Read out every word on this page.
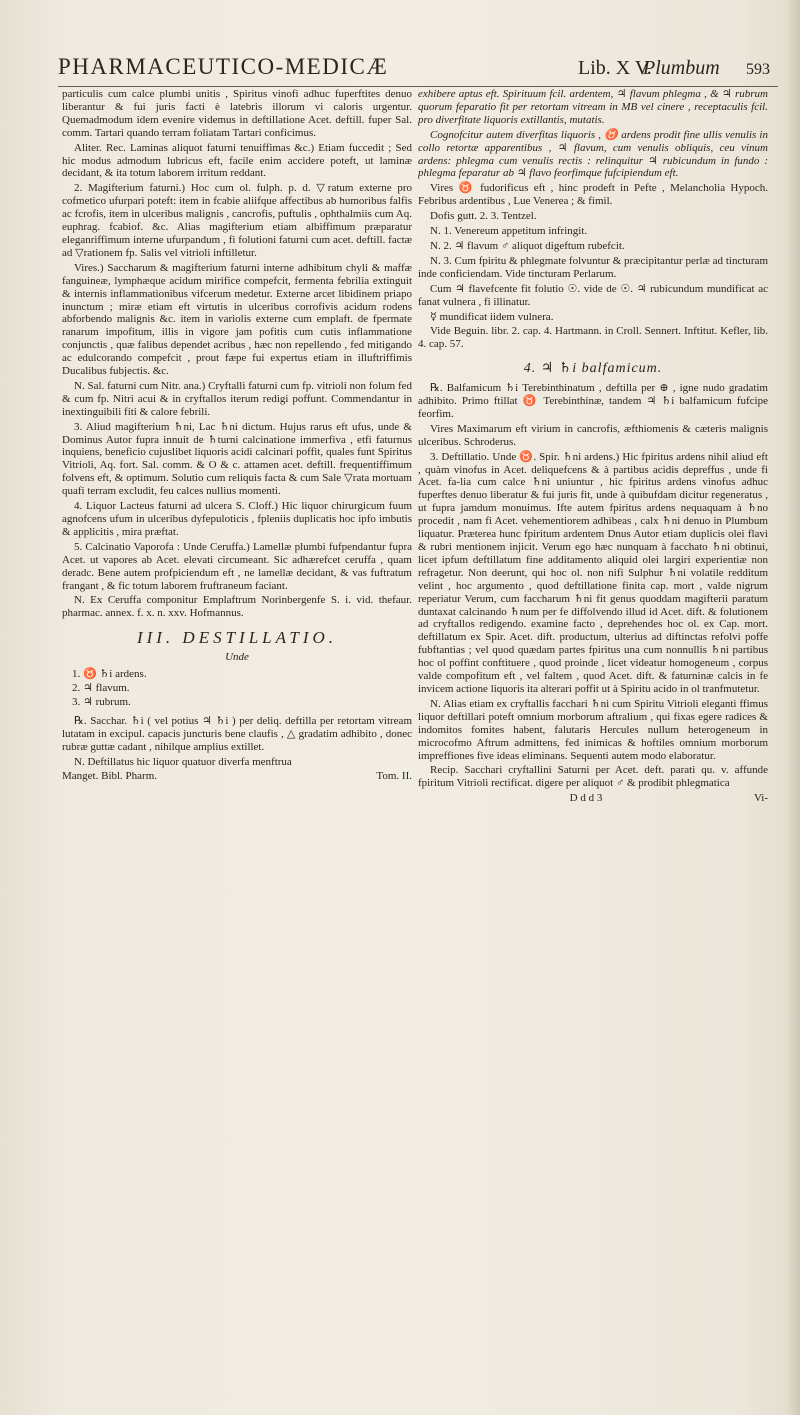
PHARMACEUTICO-MEDICÆ	Lib. X V.
Plumbum 593

particulis cum calce plumbi unitis , Spiritus vinofi adhuc fuperftites denuo liberantur & fui juris facti è latebris illorum vi caloris urgentur. Quemadmodum idem evenire videmus in deftillatione Acet. deftill. fuper Sal. comm. Tartari quando terram foliatam Tartari conficimus.

Aliter. Rec. Laminas aliquot faturni tenuiffimas &c.) Etiam fuccedit ; Sed hic modus admodum lubricus eft, facile enim accidere poteft, ut laminæ decidant, & ita totum laborem irritum reddant.

2. Magifterium faturni.) Hoc cum ol. fulph. p. d. ▽ratum externe pro cofmetico ufurpari poteft: item in fcabie aliifque affectibus ab humoribus falfis ac fcrofis, item in ulceribus malignis , cancrofis, puftulis , ophthalmiis cum Aq. euphrag. fcabiof. &c. Alias magifterium etiam albiffimum præparatur eleganriffimum interne ufurpandum , fi folutioni faturni cum acet. deftill. factæ ad ▽rationem fp. Salis vel vitrioli inftilletur.

Vires.) Saccharum & magifterium faturni interne adhibitum chyli & maffæ fanguineæ, lymphæque acidum mirifice compefcit, fermenta febrilia extinguit & internis inflammationibus vifcerum medetur. Externe arcet libidinem priapo inunctum ; miræ etiam eft virtutis in ulceribus corrofivis acidum rodens abforbendo malignis &c. item in variolis externe cum emplaft. de fpermate ranarum impofitum, illis in vigore jam pofitis cum cutis inflammatione conjunctis , quæ falibus dependet acribus , hæc non repellendo , fed mitigando ac edulcorando compefcit , prout fæpe fui expertus etiam in illuftriffimis Ducalibus fubjectis. &c.

N. Sal. faturni cum Nitr. ana.) Cryftalli faturni cum fp. vitrioli non folum fed & cum fp. Nitri acui & in cryftallos iterum redigi poffunt. Commendantur in inextinguibili fiti & calore febrili.

3. Aliud magifterium ♄ni, Lac ♄ni dictum. Hujus rarus eft ufus, unde & Dominus Autor fupra innuit de ♄turni calcinatione immerfiva , etfi faturnus inquiens, beneficio cujuslibet liquoris acidi calcinari poffit, quales funt Spiritus Vitrioli, Aq. fort. Sal. comm. & O & c. attamen acet. deftill. frequentiffimum folvens eft, & optimum. Solutio cum reliquis facta & cum Sale ▽rata mortuam quafi terram excludit, feu calces nullius momenti.

4. Liquor Lacteus faturni ad ulcera S. Cloff.) Hic liquor chirurgicum fuum agnofcens ufum in ulceribus dyfepuloticis , fpleniis duplicatis hoc ipfo imbutis & applicitis , mira præftat.

5. Calcinatio Vaporofa : Unde Ceruffa.) Lamellæ plumbi fufpendantur fupra Acet. ut vapores ab Acet. elevati circumeant. Sic adhærefcet ceruffa , quam deradc. Bene autem profpiciendum eft , ne lamellæ decidant, & vas fuftratum frangant , & fic totum laborem fruftraneum faciant.

N. Ex Ceruffa componitur Emplaftrum Norinbergenfe S. i. vid. thefaur. pharmac. annex. f. x. n. xxv. Hofmannus.

III. DESTILLATIO.

Unde

1. ♉ ♄i ardens.
2. ♃ flavum.
3. ♃ rubrum.

℞. Sacchar. ♄i ( vel potius ♃ ♄i ) per deliq. deftilla per retortam vitream lutatam in excipul. capacis juncturis bene claufis , △ gradatim adhibito , donec rubræ guttæ cadant , nihilque amplius extillet.

N. Deftillatus hic liquor quatuor diverfa menftrua

Manget. Bibl. Pharm.	Tom. II.

exhibere aptus eft. Spirituum fcil. ardentem, ♃ flavum phlegma , & ♃ rubrum quorum feparatio fit per retortam vitream in MB vel cinere , receptaculis fcil. pro diverfitate liquoris extillantis, mutatis.

Cognofcitur autem diverfitas liquoris , ♉ ardens prodit fine ullis venulis in collo retortæ apparentibus , ♃ flavum, cum venulis obliquis, ceu vinum ardens: phlegma cum venulis rectis : relinquitur ♃ rubicundum in fundo : phlegma feparatur ab ♃ flavo feorfimque fufcipiendum eft.

Vires ♉ fudorificus eft , hinc prodeft in Pefte , Melancholia Hypoch. Febribus ardentibus , Lue Venerea ; & fimil.

Dofis gutt. 2. 3. Tentzel.

N. 1. Venereum appetitum infringit.

N. 2. ♃ flavum ♂ aliquot digeftum rubefcit.

N. 3. Cum fpiritu & phlegmate folvuntur & præcipitantur perlæ ad tincturam inde conficiendam. Vide tincturam Perlarum.

Cum ♃ flavefcente fit folutio ☉. vide de ☉. ♃ rubicundum mundificat ac fanat vulnera , fi illinatur.

☿ mundificat iidem vulnera.

Vide Beguin. libr. 2. cap. 4. Hartmann. in Croll. Sennert. Inftitut. Kefler, lib. 4. cap. 57.

4. ♃ ♄i balfamicum.

℞. Balfamicum ♄i Terebinthinatum , deftilla per ⊕ , igne nudo gradatim adhibito. Primo ftillat ♉ Terebinthinæ, tandem ♃ ♄i balfamicum fufcipe feorfim.

Vires Maximarum eft virium in cancrofis, æfthiomenis & cæteris malignis ulceribus. Schroderus.

3. Deftillatio. Unde ♉. Spir. ♄ni ardens.) Hic fpiritus ardens nihil aliud eft , quàm vinofus in Acet. deliquefcens & à partibus acidis depreffus , unde fi Acet. fa-lia cum calce ♄ni uniuntur , hic fpiritus ardens vinofus adhuc fuperftes denuo liberatur & fui juris fit, unde à quibufdam dicitur regeneratus , ut fupra jamdum monuimus. Ifte autem fpiritus ardens nequaquam à ♄no procedit , nam fi Acet. vehementiorem adhibeas , calx ♄ni denuo in Plumbum liquatur. Præterea hunc fpiritum ardentem Dnus Autor etiam duplicis olei flavi & rubri mentionem injicit. Verum ego hæc nunquam à facchato ♄ni obtinui, licet ipfum deftillatum fine additamento aliquid olei largiri experientiæ non refragetur. Non deerunt, qui hoc ol. non nifi Sulphur ♄ni volatile redditum velint , hoc argumento , quod deftillatione finita cap. mort , valde nigrum reperiatur Verum, cum faccharum ♄ni fit genus quoddam magifterii paratum duntaxat calcinando ♄num per fe diffolvendo illud id Acet. dift. & folutionem ad cryftallos redigendo. examine facto , deprehendes hoc ol. ex Cap. mort. deftillatum ex Spir. Acet. dift. productum, ulterius ad diftinctas refolvi poffe fubftantias ; vel quod quædam partes fpiritus una cum nonnullis ♄ni partibus hoc ol poffint conftituere , quod proinde , licet videatur homogeneum , corpus valde compofitum eft , vel faltem , quod Acet. dift. & faturninæ calcis in fe invicem actione liquoris ita alterari poffit ut à Spiritu acido in ol tranfmutetur.

N. Alias etiam ex cryftallis facchari ♄ni cum Spiritu Vitrioli eleganti ffimus liquor deftillari poteft omnium morborum aftralium , qui fixas egere radices & indomitos fomites habent, falutaris Hercules nullum heterogeneum in microcofmo Aftrum admittens, fed inimicas & hoftiles omnium morborum impreffiones five ideas eliminans. Sequenti autem modo elaboratur.

Recip. Sacchari cryftallini Saturni per Acet. deft. parati qu. v. affunde fpiritum Vitrioli rectificat. digere per aliquot ♂ & prodibit phlegmatica

D d d 3	Vi-
